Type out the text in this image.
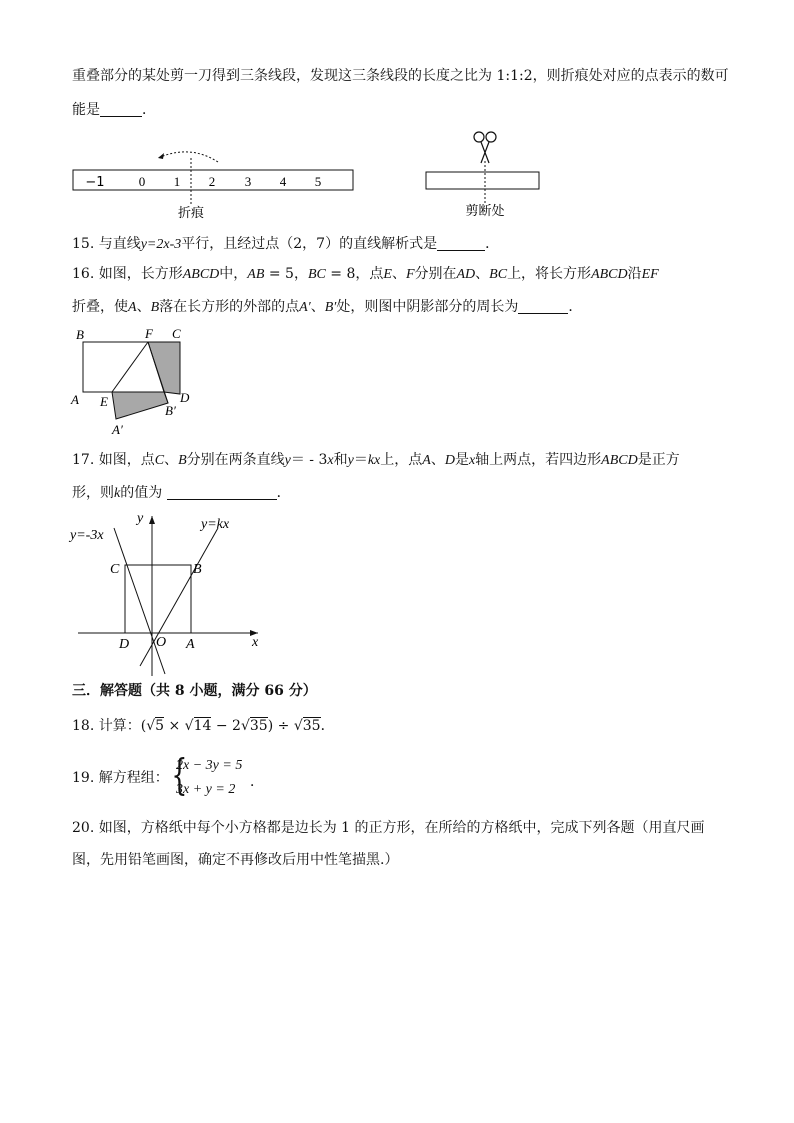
重叠部分的某处剪一刀得到三条线段，发现这三条线段的长度之比为 1:1:2，则折痕处对应的点表示的数可
能是	．
−1	0 1 2 3 4 5
折痕	剪断处
15. 与直线y=2x-3平行，且经过点（2，7）的直线解析式是	．
16. 如图，长方形ABCD中，AB = 5，BC = 8，点E、F分别在AD、BC上，将长方形ABCD沿EF
折叠，使A、B落在长方形的外部的点A′、B′处，则图中阴影部分的周长为	．
B	F C
A E	D
B′
A′
17. 如图，点C、B分别在两条直线y＝ - 3x和y＝kx上，点A、D是x轴上两点，若四边形ABCD是正方
形，则k的值为	．
y
y=-3x
y=kx
C	B
D O A	x
三．解答题（共 8 小题，满分 66 分）
18. 计算：(√5 × √14 − 2√35) ÷ √35．
19. 解方程组： {
2x − 3y = 5
3x + y = 2 ．
20. 如图，方格纸中每个小方格都是边长为 1 的正方形，在所给的方格纸中，完成下列各题（用直尺画
图，先用铅笔画图，确定不再修改后用中性笔描黑.）
